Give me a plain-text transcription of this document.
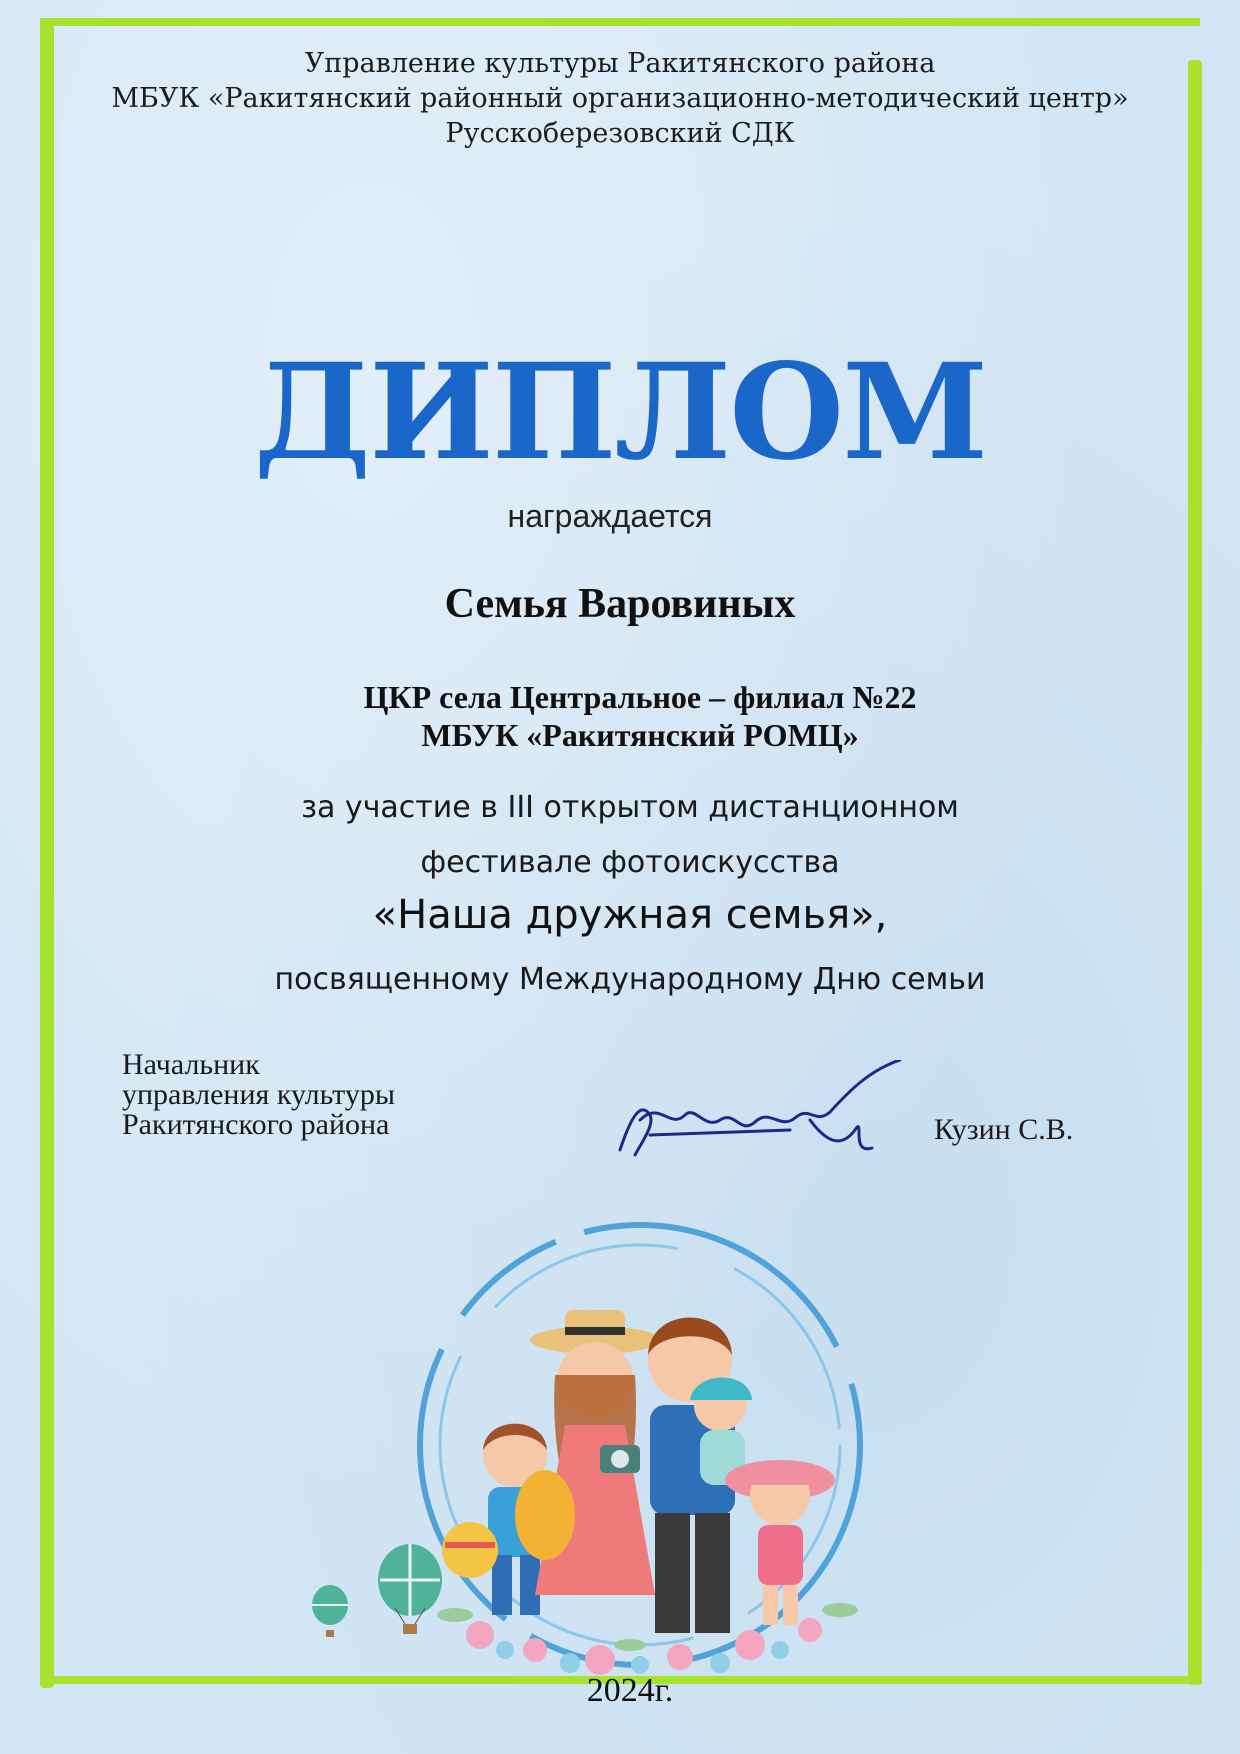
Управление культуры Ракитянского района
МБУК «Ракитянский районный организационно-методический центр»
Русскоберезовский СДК
ДИПЛОМ
награждается
Семья Варовиных
ЦКР села Центральное – филиал №22
МБУК «Ракитянский РОМЦ»
за участие в III открытом дистанционном
фестивале фотоискусства
«Наша дружная семья»,
посвященному Международному Дню семьи
Начальник
управления культуры
Ракитянского района	Кузин С.В.
2024г.
